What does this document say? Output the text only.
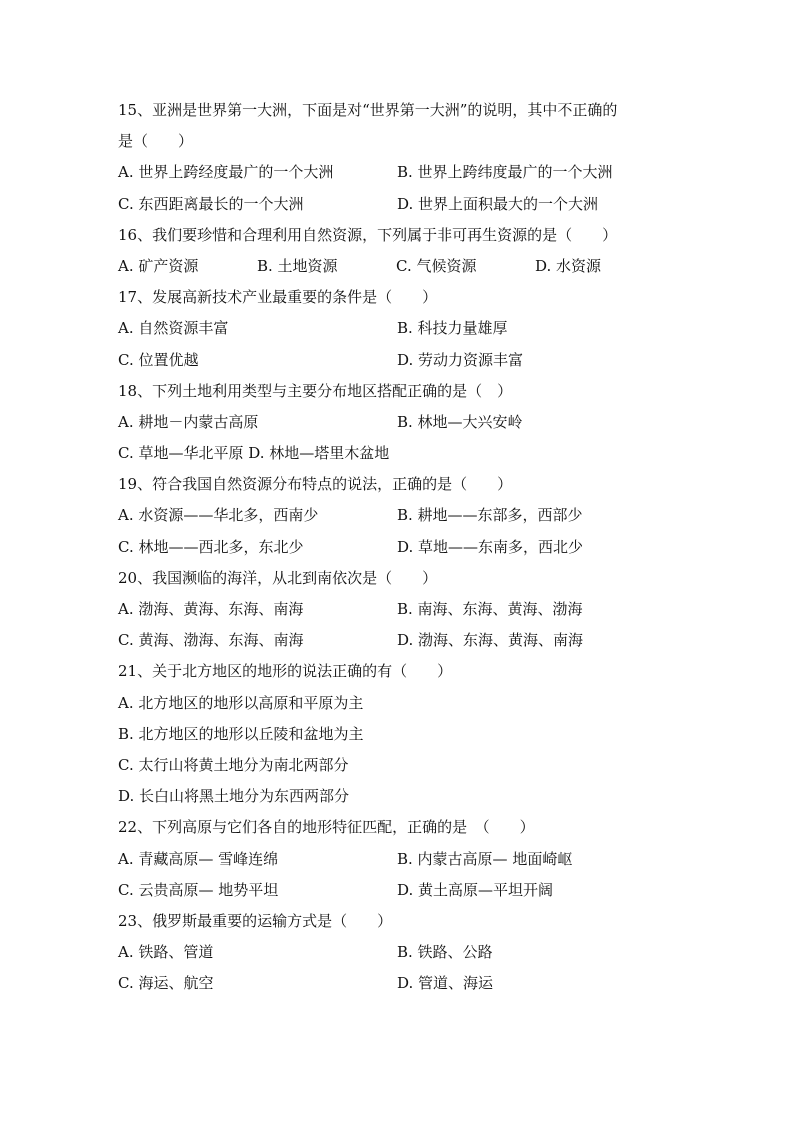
15、亚洲是世界第一大洲，下面是对“世界第一大洲”的说明，其中不正确的
是（　　）
A. 世界上跨经度最广的一个大洲	B. 世界上跨纬度最广的一个大洲
C. 东西距离最长的一个大洲	D. 世界上面积最大的一个大洲
16、我们要珍惜和合理利用自然资源，下列属于非可再生资源的是（　　）
A. 矿产资源	B. 土地资源	C. 气候资源	D. 水资源
17、发展高新技术产业最重要的条件是（　　）
A. 自然资源丰富	B. 科技力量雄厚
C. 位置优越	D. 劳动力资源丰富
18、下列土地利用类型与主要分布地区搭配正确的是（　）
A. 耕地－内蒙古高原	B. 林地—大兴安岭
C. 草地—华北平原 D. 林地—塔里木盆地
19、符合我国自然资源分布特点的说法，正确的是（　　）
A. 水资源——华北多，西南少	B. 耕地——东部多，西部少
C. 林地——西北多，东北少	D. 草地——东南多，西北少
20、我国濒临的海洋，从北到南依次是（　　）
A. 渤海、黄海、东海、南海	B. 南海、东海、黄海、渤海
C. 黄海、渤海、东海、南海	D. 渤海、东海、黄海、南海
21、关于北方地区的地形的说法正确的有（　　）
A. 北方地区的地形以高原和平原为主
B. 北方地区的地形以丘陵和盆地为主
C. 太行山将黄土地分为南北两部分
D. 长白山将黑土地分为东西两部分
22、下列高原与它们各自的地形特征匹配，正确的是　（　　）
A. 青藏高原— 雪峰连绵	B. 内蒙古高原— 地面崎岖
C. 云贵高原— 地势平坦	D. 黄土高原—平坦开阔
23、俄罗斯最重要的运输方式是（　　）
A. 铁路、管道	B. 铁路、公路
C. 海运、航空	D. 管道、海运
